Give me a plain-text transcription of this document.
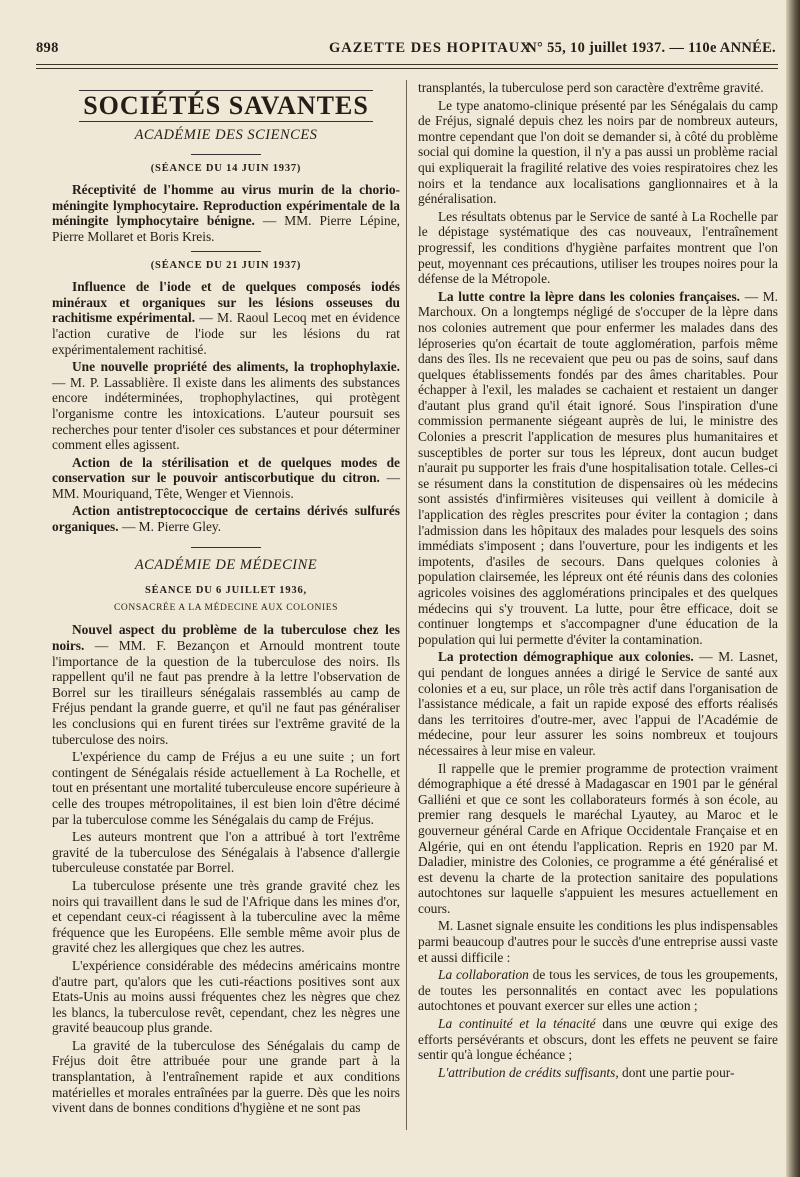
898	GAZETTE DES HOPITAUX
N° 55, 10 juillet 1937. — 110e ANNÉE.
SOCIÉTÉS SAVANTES
ACADÉMIE DES SCIENCES
(SÉANCE DU 14 JUIN 1937)

Réceptivité de l'homme au virus murin de la chorio-méningite lymphocytaire. Reproduction expérimentale de la méningite lymphocytaire bénigne. — MM. Pierre Lépine, Pierre Mollaret et Boris Kreis.

(SÉANCE DU 21 JUIN 1937)

Influence de l'iode et de quelques composés iodés minéraux et organiques sur les lésions osseuses du rachitisme expérimental. — M. Raoul Lecoq met en évidence l'action curative de l'iode sur les lésions du rat expérimentalement rachitisé.

Une nouvelle propriété des aliments, la trophophylaxie. — M. P. Lassablière. Il existe dans les aliments des substances encore indéterminées, trophophylactines, qui protègent l'organisme contre les intoxications. L'auteur poursuit ses recherches pour tenter d'isoler ces substances et pour déterminer comment elles agissent.

Action de la stérilisation et de quelques modes de conservation sur le pouvoir antiscorbutique du citron. — MM. Mouriquand, Tête, Wenger et Viennois.

Action antistreptococcique de certains dérivés sulfurés organiques. — M. Pierre Gley.

ACADÉMIE DE MÉDECINE
SÉANCE DU 6 JUILLET 1936,
CONSACRÉE A LA MÉDECINE AUX COLONIES

Nouvel aspect du problème de la tuberculose chez les noirs. — MM. F. Bezançon et Arnould montrent toute l'importance de la question de la tuberculose des noirs. Ils rappellent qu'il ne faut pas prendre à la lettre l'observation de Borrel sur les tirailleurs sénégalais rassemblés au camp de Fréjus pendant la grande guerre, et qu'il ne faut pas généraliser les conclusions qui en furent tirées sur l'extrême gravité de la tuberculose des noirs.

L'expérience du camp de Fréjus a eu une suite ; un fort contingent de Sénégalais réside actuellement à La Rochelle, et tout en présentant une mortalité tuberculeuse encore supérieure à celle des troupes métropolitaines, il est bien loin d'être décimé par la tuberculose comme les Sénégalais du camp de Fréjus.

Les auteurs montrent que l'on a attribué à tort l'extrême gravité de la tuberculose des Sénégalais à l'absence d'allergie tuberculeuse constatée par Borrel.

La tuberculose présente une très grande gravité chez les noirs qui travaillent dans le sud de l'Afrique dans les mines d'or, et cependant ceux-ci réagissent à la tuberculine avec la même fréquence que les Européens. Elle semble même avoir plus de gravité chez les allergiques que chez les autres.

L'expérience considérable des médecins américains montre d'autre part, qu'alors que les cuti-réactions positives sont aux Etats-Unis au moins aussi fréquentes chez les nègres que chez les blancs, la tuberculose revêt, cependant, chez les nègres une gravité beaucoup plus grande.

La gravité de la tuberculose des Sénégalais du camp de Fréjus doit être attribuée pour une grande part à la transplantation, à l'entraînement rapide et aux conditions matérielles et morales entraînées par la guerre. Dès que les noirs vivent dans de bonnes conditions d'hygiène et ne sont pas

transplantés, la tuberculose perd son caractère d'extrême gravité.

Le type anatomo-clinique présenté par les Sénégalais du camp de Fréjus, signalé depuis chez les noirs par de nombreux auteurs, montre cependant que l'on doit se demander si, à côté du problème social qui domine la question, il n'y a pas aussi un problème racial qui expliquerait la fragilité relative des voies respiratoires chez les noirs et la tendance aux localisations ganglionnaires et à la généralisation.

Les résultats obtenus par le Service de santé à La Rochelle par le dépistage systématique des cas nouveaux, l'entraînement progressif, les conditions d'hygiène parfaites montrent que l'on peut, moyennant ces précautions, utiliser les troupes noires pour la défense de la Métropole.

La lutte contre la lèpre dans les colonies françaises. — M. Marchoux. On a longtemps négligé de s'occuper de la lèpre dans nos colonies autrement que pour enfermer les malades dans des léproseries qu'on écartait de toute agglomération, parfois même dans des îles. Ils ne recevaient que peu ou pas de soins, sauf dans quelques établissements fondés par des âmes charitables. Pour échapper à l'exil, les malades se cachaient et restaient un danger d'autant plus grand qu'il était ignoré. Sous l'inspiration d'une commission permanente siégeant auprès de lui, le ministre des Colonies a prescrit l'application de mesures plus humanitaires et susceptibles de porter sur tous les lépreux, dont aucun budget n'aurait pu supporter les frais d'une hospitalisation totale. Celles-ci se résument dans la constitution de dispensaires où les médecins sont assistés d'infirmières visiteuses qui veillent à domicile à l'application des règles prescrites pour éviter la contagion ; dans l'admission dans les hôpitaux des malades pour lesquels des soins immédiats s'imposent ; dans l'ouverture, pour les indigents et les impotents, d'asiles de secours. Dans quelques colonies à population clairsemée, les lépreux ont été réunis dans des colonies agricoles voisines des agglomérations principales et des quelques médecins qui s'y trouvent. La lutte, pour être efficace, doit se continuer longtemps et s'accompagner d'une éducation de la population qui lui permette d'éviter la contamination.

La protection démographique aux colonies. — M. Lasnet, qui pendant de longues années a dirigé le Service de santé aux colonies et a eu, sur place, un rôle très actif dans l'organisation de l'assistance médicale, a fait un rapide exposé des efforts réalisés dans les territoires d'outre-mer, avec l'appui de l'Académie de médecine, pour leur assurer les soins nombreux et toujours nécessaires à leur mise en valeur.

Il rappelle que le premier programme de protection vraiment démographique a été dressé à Madagascar en 1901 par le général Galliéni et que ce sont les collaborateurs formés à son école, au premier rang desquels le maréchal Lyautey, au Maroc et le gouverneur général Carde en Afrique Occidentale Française et en Algérie, qui en ont étendu l'application. Repris en 1920 par M. Daladier, ministre des Colonies, ce programme a été généralisé et est devenu la charte de la protection sanitaire des populations autochtones sur laquelle s'appuient les mesures actuellement en cours.

M. Lasnet signale ensuite les conditions les plus indispensables parmi beaucoup d'autres pour le succès d'une entreprise aussi vaste et aussi difficile :

La collaboration de tous les services, de tous les groupements, de toutes les personnalités en contact avec les populations autochtones et pouvant exercer sur elles une action ;

La continuité et la ténacité dans une œuvre qui exige des efforts persévérants et obscurs, dont les effets ne peuvent se faire sentir qu'à longue échéance ;

L'attribution de crédits suffisants, dont une partie pour-
